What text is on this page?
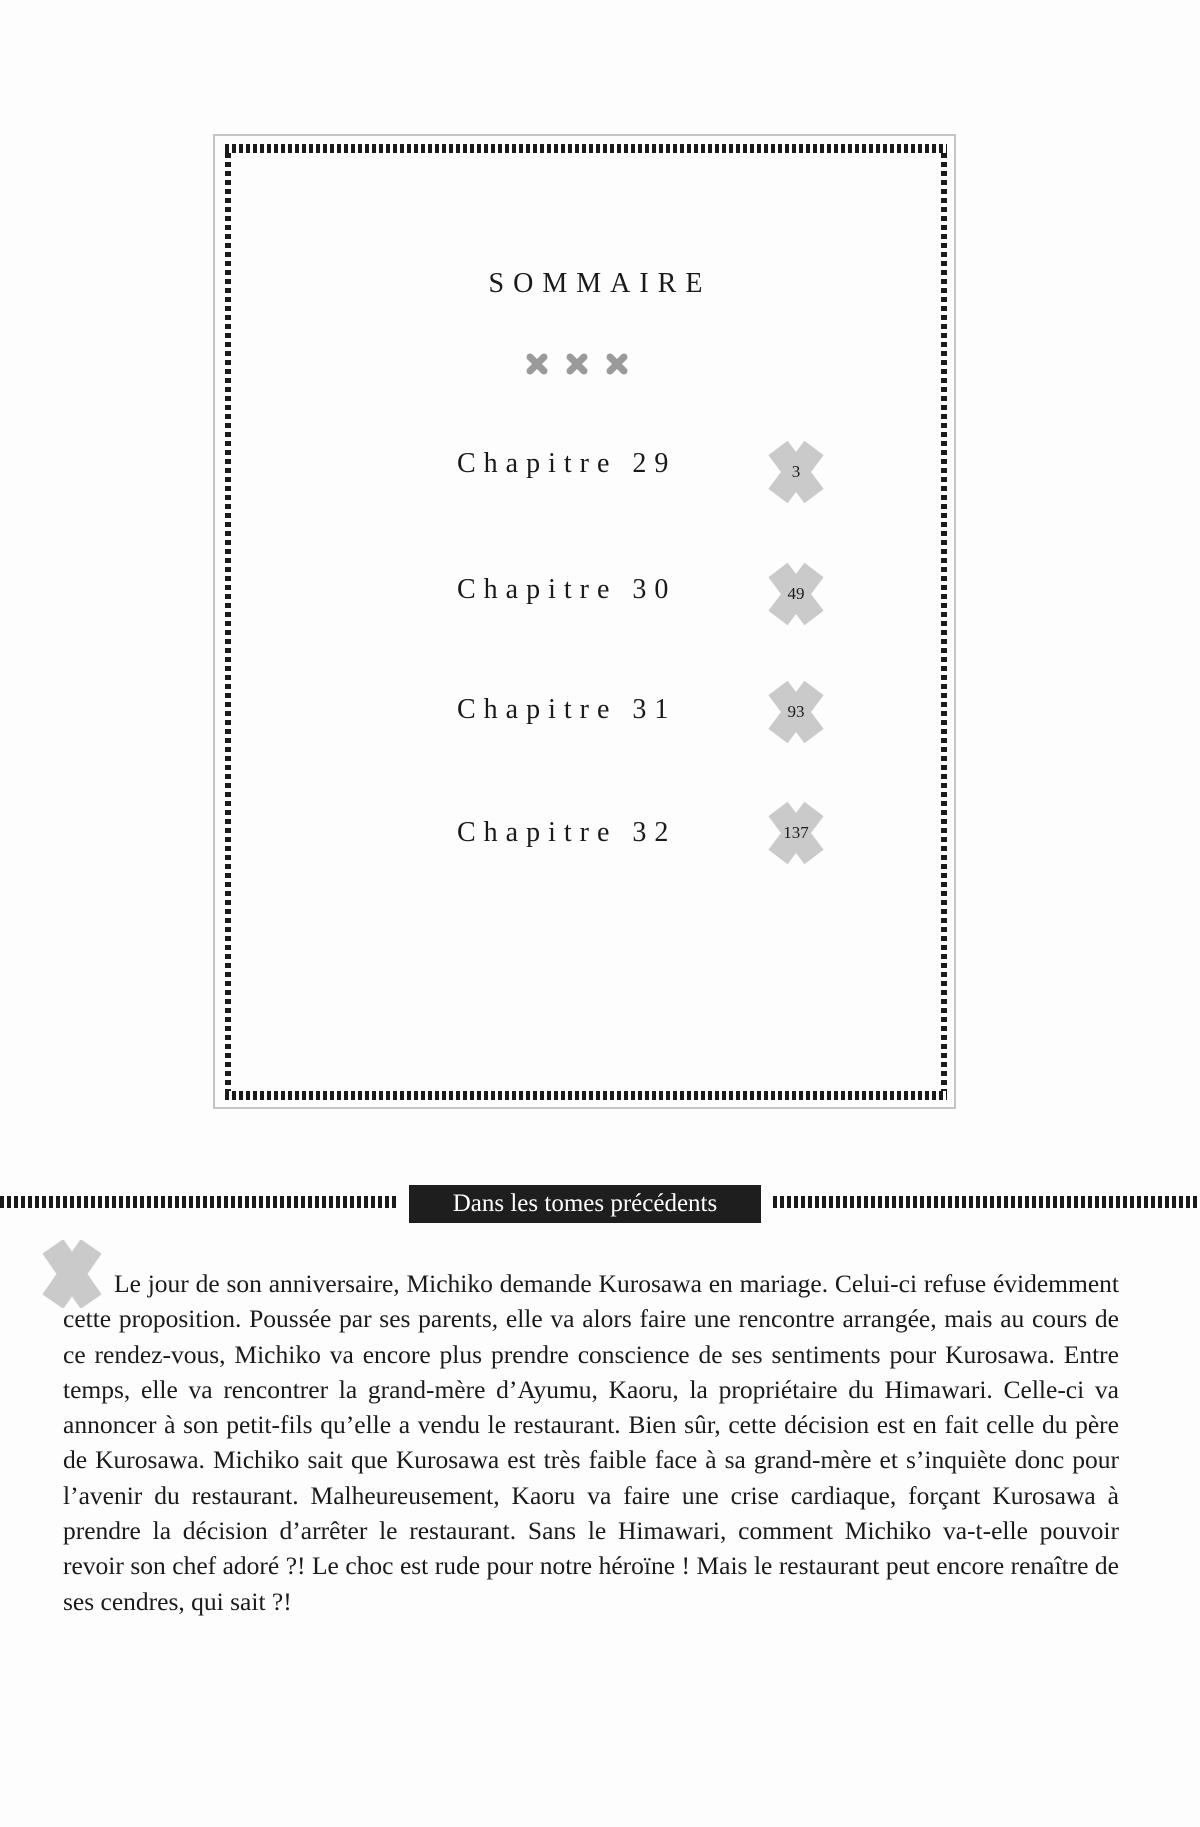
SOMMAIRE
Chapitre 29	3
Chapitre 30	49
Chapitre 31	93
Chapitre 32	137
Dans les tomes précédents
Le jour de son anniversaire, Michiko demande Kurosawa en mariage. Celui-ci refuse évidemment cette proposition. Poussée par ses parents, elle va alors faire une rencontre arrangée, mais au cours de ce rendez-vous, Michiko va encore plus prendre conscience de ses sentiments pour Kurosawa. Entre temps, elle va rencontrer la grand-mère d’Ayumu, Kaoru, la propriétaire du Himawari. Celle-ci va annoncer à son petit-fils qu’elle a vendu le restaurant. Bien sûr, cette décision est en fait celle du père de Kurosawa. Michiko sait que Kurosawa est très faible face à sa grand-mère et s’inquiète donc pour l’avenir du restaurant. Malheureusement, Kaoru va faire une crise cardiaque, forçant Kurosawa à prendre la décision d’arrêter le restaurant. Sans le Himawari, comment Michiko va-t-elle pouvoir revoir son chef adoré ?! Le choc est rude pour notre héroïne ! Mais le restaurant peut encore renaître de ses cendres, qui sait ?!
